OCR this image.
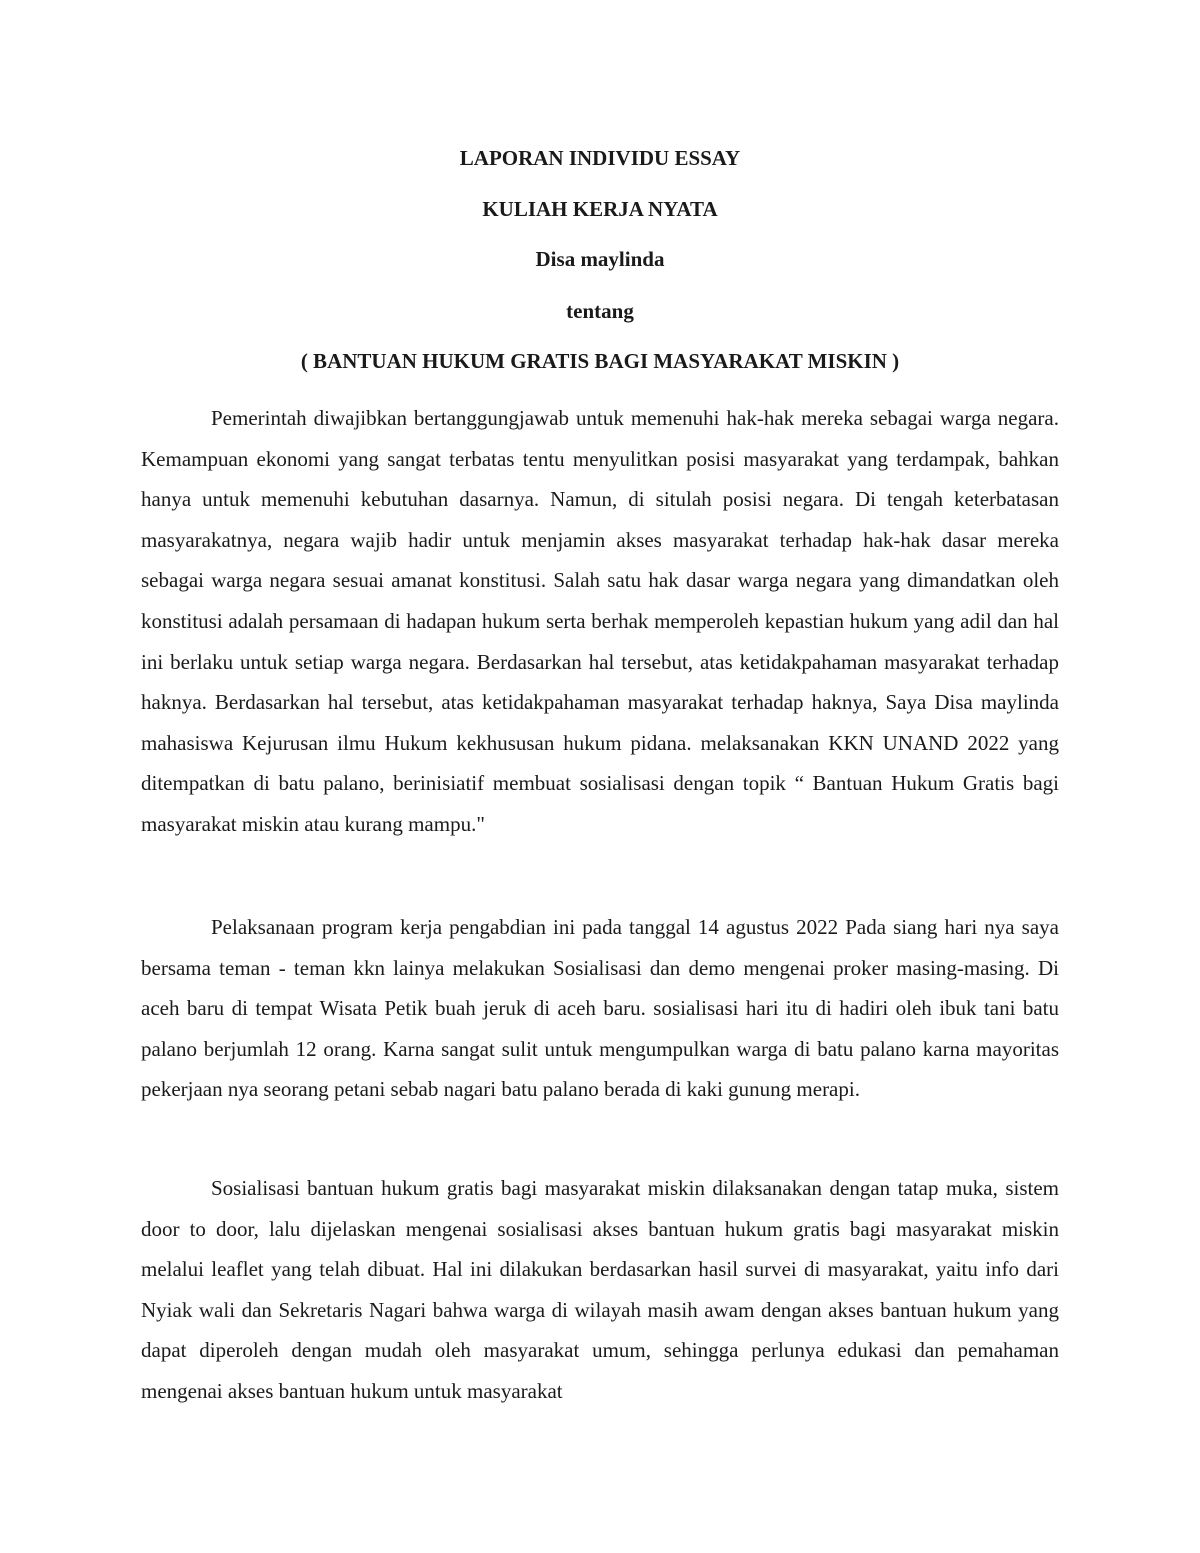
LAPORAN INDIVIDU ESSAY
KULIAH KERJA NYATA
Disa maylinda
tentang
( BANTUAN HUKUM GRATIS BAGI MASYARAKAT MISKIN )

Pemerintah diwajibkan bertanggungjawab untuk memenuhi hak-hak mereka sebagai warga negara. Kemampuan ekonomi yang sangat terbatas tentu menyulitkan posisi masyarakat yang terdampak, bahkan hanya untuk memenuhi kebutuhan dasarnya. Namun, di situlah posisi negara. Di tengah keterbatasan masyarakatnya, negara wajib hadir untuk menjamin akses masyarakat terhadap hak-hak dasar mereka sebagai warga negara sesuai amanat konstitusi. Salah satu hak dasar warga negara yang dimandatkan oleh konstitusi adalah persamaan di hadapan hukum serta berhak memperoleh kepastian hukum yang adil dan hal ini berlaku untuk setiap warga negara. Berdasarkan hal tersebut, atas ketidakpahaman masyarakat terhadap haknya. Berdasarkan hal tersebut, atas ketidakpahaman masyarakat terhadap haknya, Saya Disa maylinda mahasiswa Kejurusan ilmu Hukum kekhususan hukum pidana. melaksanakan KKN UNAND 2022 yang ditempatkan di batu palano, berinisiatif membuat sosialisasi dengan topik “ Bantuan Hukum Gratis bagi masyarakat miskin atau kurang mampu."

Pelaksanaan program kerja pengabdian ini pada tanggal 14 agustus 2022 Pada siang hari nya saya bersama teman - teman kkn lainya melakukan Sosialisasi dan demo mengenai proker masing-masing. Di aceh baru di tempat Wisata Petik buah jeruk di aceh baru. sosialisasi hari itu di hadiri oleh ibuk tani batu palano berjumlah 12 orang. Karna sangat sulit untuk mengumpulkan warga di batu palano karna mayoritas pekerjaan nya seorang petani sebab nagari batu palano berada di kaki gunung merapi.

Sosialisasi bantuan hukum gratis bagi masyarakat miskin dilaksanakan dengan tatap muka, sistem door to door, lalu dijelaskan mengenai sosialisasi akses bantuan hukum gratis bagi masyarakat miskin melalui leaflet yang telah dibuat. Hal ini dilakukan berdasarkan hasil survei di masyarakat, yaitu info dari Nyiak wali dan Sekretaris Nagari bahwa warga di wilayah masih awam dengan akses bantuan hukum yang dapat diperoleh dengan mudah oleh masyarakat umum, sehingga perlunya edukasi dan pemahaman mengenai akses bantuan hukum untuk masyarakat
